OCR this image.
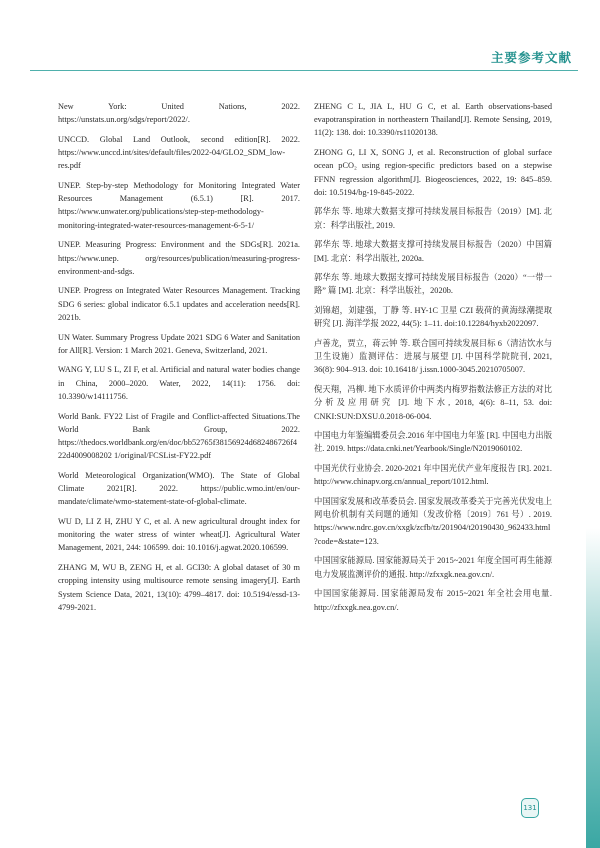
主要参考文献

New York: United Nations, 2022. https://unstats.un.org/sdgs/report/2022/.

UNCCD. Global Land Outlook, second edition[R]. 2022. https://www.unccd.int/sites/default/files/2022-04/GLO2_SDM_low-res.pdf

UNEP. Step-by-step Methodology for Monitoring Integrated Water Resources Management (6.5.1) [R]. 2017. https://www.unwater.org/publications/step-step-methodology-monitoring-integrated-water-resources-management-6-5-1/

UNEP. Measuring Progress: Environment and the SDGs[R]. 2021a. https://www.unep. org/resources/publication/measuring-progress-environment-and-sdgs.

UNEP. Progress on Integrated Water Resources Management. Tracking SDG 6 series: global indicator 6.5.1 updates and acceleration needs[R]. 2021b.

UN Water. Summary Progress Update 2021 SDG 6 Water and Sanitation for All[R]. Version: 1 March 2021. Geneva, Switzerland, 2021.

WANG Y, LU S L, ZI F, et al. Artificial and natural water bodies change in China, 2000–2020. Water, 2022, 14(11): 1756. doi: 10.3390/w14111756.

World Bank. FY22 List of Fragile and Conflict-affected Situations.The World Bank Group, 2022. https://thedocs.worldbank.org/en/doc/bb52765f38156924d682486726f422d4009008202 1/original/FCSList-FY22.pdf

World Meteorological Organization(WMO). The State of Global Climate 2021[R]. 2022. https://public.wmo.int/en/our-mandate/climate/wmo-statement-state-of-global-climate.

WU D, LI Z H, ZHU Y C, et al. A new agricultural drought index for monitoring the water stress of winter wheat[J]. Agricultural Water Management, 2021, 244: 106599. doi: 10.1016/j.agwat.2020.106599.

ZHANG M, WU B, ZENG H, et al. GCI30: A global dataset of 30 m cropping intensity using multisource remote sensing imagery[J]. Earth System Science Data, 2021, 13(10): 4799–4817. doi: 10.5194/essd-13-4799-2021.

ZHENG C L, JIA L, HU G C, et al. Earth observations-based evapotranspiration in northeastern Thailand[J]. Remote Sensing, 2019, 11(2): 138. doi: 10.3390/rs11020138.

ZHONG G, LI X, SONG J, et al. Reconstruction of global surface ocean pCO₂ using region-specific predictors based on a stepwise FFNN regression algorithm[J]. Biogeosciences, 2022, 19: 845–859. doi: 10.5194/bg-19-845-2022.

郭华东 等. 地球大数据支撑可持续发展目标报告（2019）[M]. 北京：科学出版社, 2019.

郭华东 等. 地球大数据支撑可持续发展目标报告（2020）中国篇 [M]. 北京：科学出版社, 2020a.

郭华东 等. 地球大数据支撑可持续发展目标报告（2020）“一带一路” 篇 [M]. 北京：科学出版社，2020b.

刘锦超，刘建强，丁静 等. HY-1C 卫星 CZI 载荷的黄海绿潮提取研究 [J]. 海洋学报 2022, 44(5): 1–11. doi:10.12284/hyxb2022097.

卢善龙，贾立，蒋云钟 等. 联合国可持续发展目标 6（清洁饮水与卫生设施）监测评估：进展与展望 [J]. 中国科学院院刊, 2021, 36(8): 904–913. doi: 10.16418/ j.issn.1000-3045.20210705007.

倪天翔，冯柳. 地下水质评价中两类内梅罗指数法修正方法的对比分析及应用研究 [J]. 地下水, 2018, 4(6): 8–11, 53. doi: CNKI:SUN:DXSU.0.2018-06-004.

中国电力年鉴编辑委员会.2016 年中国电力年鉴 [R]. 中国电力出版社. 2019. https://data.cnki.net/Yearbook/Single/N2019060102.

中国光伏行业协会. 2020-2021 年中国光伏产业年度报告 [R]. 2021. http://www.chinapv.org.cn/annual_report/1012.html.

中国国家发展和改革委员会. 国家发展改革委关于完善光伏发电上网电价机制有关问题的通知（发改价格〔2019〕761 号）. 2019. https://www.ndrc.gov.cn/xxgk/zcfb/tz/201904/t20190430_962433.html?code=&state=123.

中国国家能源局. 国家能源局关于 2015~2021 年度全国可再生能源电力发展监测评价的通报. http://zfxxgk.nea.gov.cn/.

中国国家能源局. 国家能源局发布 2015~2021 年全社会用电量. http://zfxxgk.nea.gov.cn/.

131
